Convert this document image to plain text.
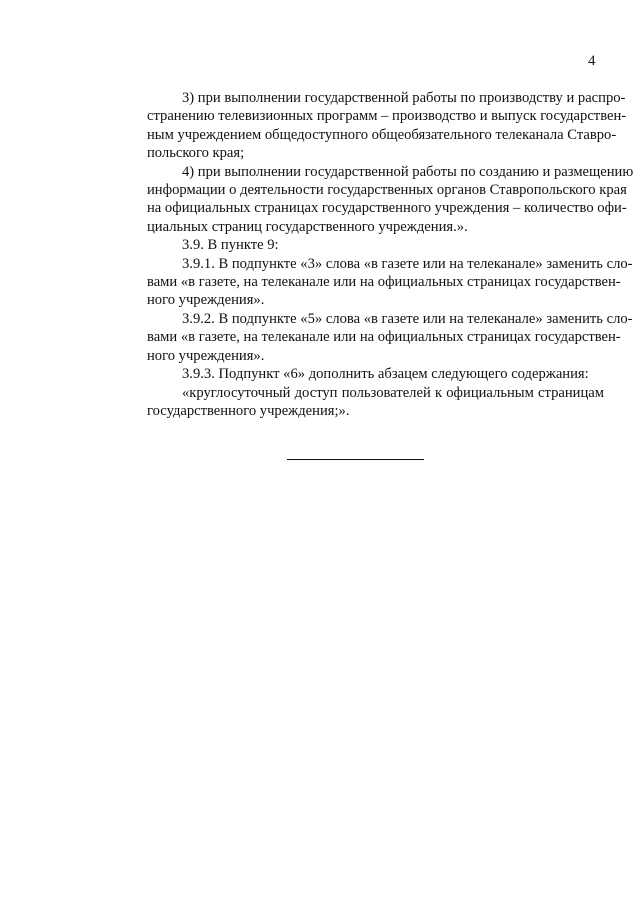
4

3) при выполнении государственной работы по производству и распро-
странению телевизионных программ – производство и выпуск государствен-
ным учреждением общедоступного общеобязательного телеканала Ставро-
польского края;

4) при выполнении государственной работы по созданию и размещению
информации о деятельности государственных органов Ставропольского края
на официальных страницах государственного учреждения – количество офи-
циальных страниц государственного учреждения.».

3.9. В пункте 9:

3.9.1. В подпункте «3» слова «в газете или на телеканале» заменить сло-
вами «в газете, на телеканале или на официальных страницах государствен-
ного учреждения».

3.9.2. В подпункте «5» слова «в газете или на телеканале» заменить сло-
вами «в газете, на телеканале или на официальных страницах государствен-
ного учреждения».

3.9.3. Подпункт «6» дополнить абзацем следующего содержания:

«круглосуточный доступ пользователей к официальным страницам
государственного учреждения;».
